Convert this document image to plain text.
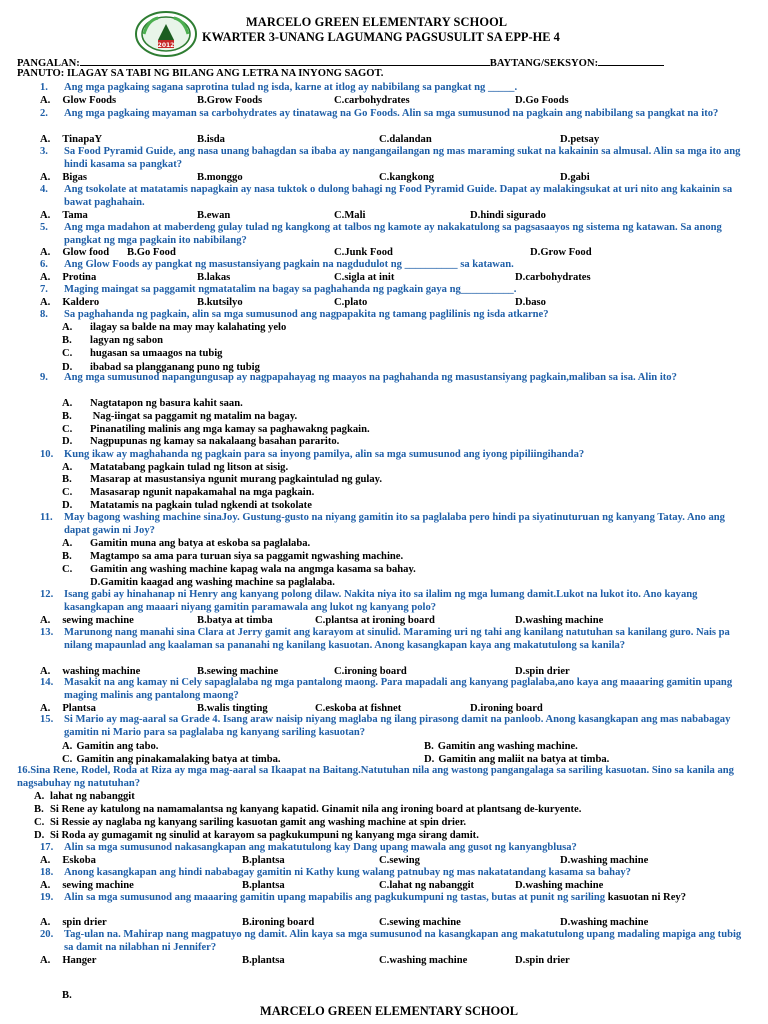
2012
MARCELO GREEN ELEMENTARY SCHOOL
KWARTER 3-UNANG LAGUMANG PAGSUSULIT SA EPP-HE 4
PANGALAN:	BAYTANG/SEKSYON:
PANUTO: ILAGAY SA TABI NG BILANG ANG LETRA NA INYONG SAGOT.
1. Ang mga pagkaing sagana saprotina tulad ng isda, karne at itlog ay nabibilang sa pangkat ng _____.
A. Glow Foods	B.Grow Foods	C.carbohydrates	D.Go Foods
2. Ang mga pagkaing mayaman sa carbohydrates ay tinatawag na Go Foods. Alin sa mga sumusunod na pagkain ang nabibilang sa pangkat na ito?
A. TinapaY	B.isda	C.dalandan	D.petsay
3. Sa Food Pyramid Guide, ang nasa unang bahagdan sa ibaba ay nangangailangan ng mas maraming sukat na kakainin sa almusal. Alin sa mga ito ang hindi kasama sa pangkat?
A. Bigas	B.monggo	C.kangkong	D.gabi
4. Ang tsokolate at matatamis napagkain ay nasa tuktok o dulong bahagi ng Food Pyramid Guide. Dapat ay malakingsukat at uri nito ang kakainin sa bawat paghahain.
A. Tama	B.ewan	C.Mali	D.hindi sigurado
5. Ang mga madahon at maberdeng gulay tulad ng kangkong at talbos ng kamote ay nakakatulong sa pagsasaayos ng sistema ng katawan. Sa anong pangkat ng mga pagkain ito nabibilang?
A. Glow food B.Go Food	C.Junk Food	D.Grow Food
6. Ang Glow Foods ay pangkat ng masustansiyang pagkain na nagdudulot ng __________ sa katawan.
A. Protina	B.lakas	C.sigla at init	D.carbohydrates
7. Maging maingat sa paggamit ngmatatalim na bagay sa paghahanda ng pagkain gaya ng__________.
A. Kaldero	B.kutsilyo	C.plato	D.baso
8. Sa paghahanda ng pagkain, alin sa mga sumusunod ang nagpapakita ng tamang paglilinis ng isda atkarne?
A. ilagay sa balde na may may kalahating yelo
B. lagyan ng sabon
C. hugasan sa umaagos na tubig
D. ibabad sa plangganang puno ng tubig
9. Ang mga sumusunod napangungusap ay nagpapahayag ng maayos na paghahanda ng masustansiyang pagkain,maliban sa isa. Alin ito?
A. Nagtatapon ng basura kahit saan.
B. Nag-iingat sa paggamit ng matalim na bagay.
C. Pinanatiling malinis ang mga kamay sa paghawakng pagkain.
D. Nagpupunas ng kamay sa nakalaang basahan pararito.
10. Kung ikaw ay maghahanda ng pagkain para sa inyong pamilya, alin sa mga sumusunod ang iyong pipiliingihanda?
A. Matatabang pagkain tulad ng litson at sisig.
B. Masarap at masustansiya ngunit murang pagkaintulad ng gulay.
C. Masasarap ngunit napakamahal na mga pagkain.
D. Matatamis na pagkain tulad ngkendi at tsokolate
11. May bagong washing machine sinaJoy. Gustung-gusto na niyang gamitin ito sa paglalaba pero hindi pa siyatinuturuan ng kanyang Tatay. Ano ang dapat gawin ni Joy?
A. Gamitin muna ang batya at eskoba sa paglalaba.
B. Magtampo sa ama para turuan siya sa paggamit ngwashing machine.
C. Gamitin ang washing machine kapag wala na angmga kasama sa bahay.
D.Gamitin kaagad ang washing machine sa paglalaba.
12. Isang gabi ay hinahanap ni Henry ang kanyang polong dilaw. Nakita niya ito sa ilalim ng mga lumang damit.Lukot na lukot ito. Ano kayang kasangkapan ang maaari niyang gamitin paramawala ang lukot ng kanyang polo?
A. sewing machine	B.batya at timba	C.plantsa at ironing board	D.washing machine
13. Marunong nang manahi sina Clara at Jerry gamit ang karayom at sinulid. Maraming uri ng tahi ang kanilang natutuhan sa kanilang guro. Nais pa nilang mapaunlad ang kaalaman sa pananahi ng kanilang kasuotan. Anong kasangkapan kaya ang makatutulong sa kanila?
A. washing machine	B.sewing machine	C.ironing board	D.spin drier
14. Masakit na ang kamay ni Cely sapaglalaba ng mga pantalong maong. Para mapadali ang kanyang paglalaba,ano kaya ang maaaring gamitin upang maging malinis ang pantalong maong?
A. Plantsa	B.walis tingting	C.eskoba at fishnet	D.ironing board
15. Si Mario ay mag-aaral sa Grade 4. Isang araw naisip niyang maglaba ng ilang pirasong damit na panloob. Anong kasangkapan ang mas nababagay gamitin ni Mario para sa paglalaba ng kanyang sariling kasuotan?
A. Gamitin ang tabo.	B. Gamitin ang washing machine.
C. Gamitin ang pinakamalaking batya at timba.	D. Gamitin ang maliit na batya at timba.
16.Sina Rene, Rodel, Roda at Riza ay mga mag-aaral sa Ikaapat na Baitang.Natutuhan nila ang wastong pangangalaga sa sariling kasuotan. Sino sa kanila ang nagsabuhay ng natutuhan?
A. lahat ng nabanggit
B. Si Rene ay katulong na namamalantsa ng kanyang kapatid. Ginamit nila ang ironing board at plantsang de-kuryente.
C. Si Ressie ay naglaba ng kanyang sariling kasuotan gamit ang washing machine at spin drier.
D. Si Roda ay gumagamit ng sinulid at karayom sa pagkukumpuni ng kanyang mga sirang damit.
17. Alin sa mga sumusunod nakasangkapan ang makatutulong kay Dang upang mawala ang gusot ng kanyangblusa?
A. Eskoba	B.plantsa	C.sewing	D.washing machine
18. Anong kasangkapan ang hindi nababagay gamitin ni Kathy kung walang patnubay ng mas nakatatandang kasama sa bahay?
A. sewing machine	B.plantsa	C.lahat ng nabanggit	D.washing machine
19. Alin sa mga sumusunod ang maaaring gamitin upang mapabilis ang pagkukumpuni ng tastas, butas at punit ng sariling kasuotan ni Rey?
A. spin drier	B.ironing board	C.sewing machine	D.washing machine
20. Tag-ulan na. Mahirap nang magpatuyo ng damit. Alin kaya sa mga sumusunod na kasangkapan ang makatutulong upang madaling mapiga ang tubig sa damit na nilabhan ni Jennifer?
A. Hanger	B.plantsa	C.washing machine	D.spin drier
B.
MARCELO GREEN ELEMENTARY SCHOOL
